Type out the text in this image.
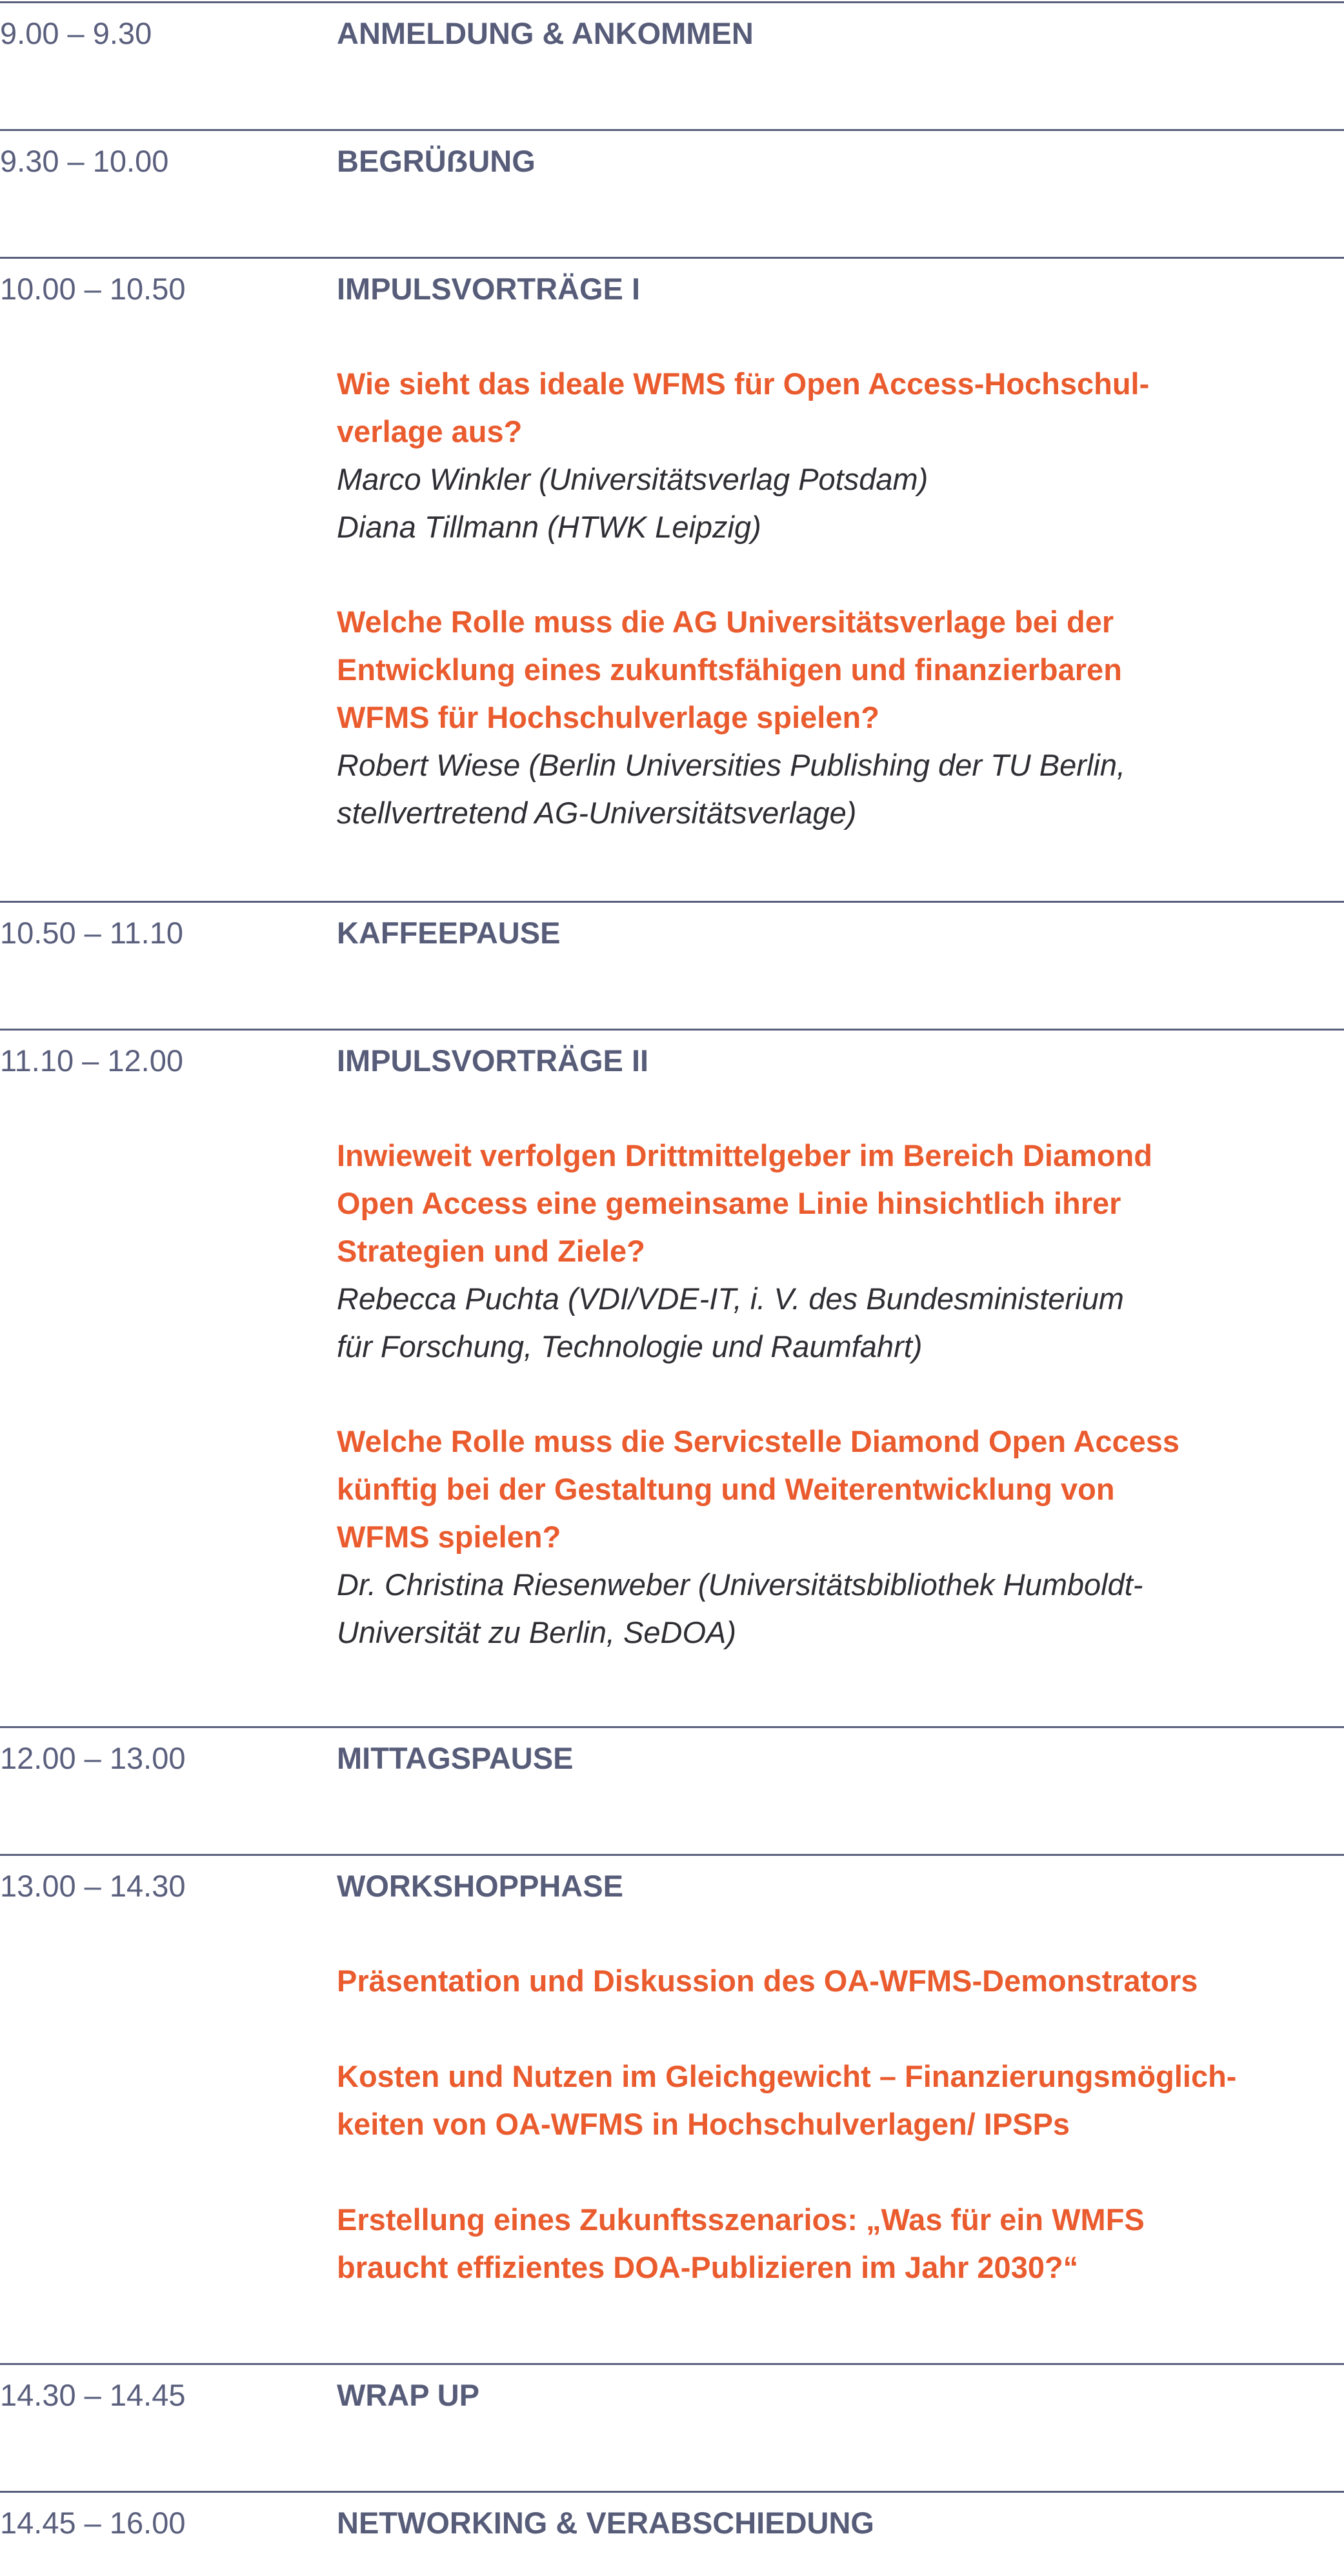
9.00 – 9.30	ANMELDUNG & ANKOMMEN
9.30 – 10.00	BEGRÜẞUNG
10.00 – 10.50	IMPULSVORTRÄGE I
Wie sieht das ideale WFMS für Open Access-Hochschul-
verlage aus?
Marco Winkler (Universitätsverlag Potsdam)
Diana Tillmann (HTWK Leipzig)
Welche Rolle muss die AG Universitätsverlage bei der
Entwicklung eines zukunftsfähigen und finanzierbaren
WFMS für Hochschulverlage spielen?
Robert Wiese (Berlin Universities Publishing der TU Berlin,
stellvertretend AG-Universitätsverlage)
10.50 – 11.10	KAFFEEPAUSE
11.10 – 12.00	IMPULSVORTRÄGE II
Inwieweit verfolgen Drittmittelgeber im Bereich Diamond
Open Access eine gemeinsame Linie hinsichtlich ihrer
Strategien und Ziele?
Rebecca Puchta (VDI/VDE-IT, i. V. des Bundesministerium
für Forschung, Technologie und Raumfahrt)
Welche Rolle muss die Servicstelle Diamond Open Access
künftig bei der Gestaltung und Weiterentwicklung von
WFMS spielen?
Dr. Christina Riesenweber (Universitätsbibliothek Humboldt-
Universität zu Berlin, SeDOA)
12.00 – 13.00	MITTAGSPAUSE
13.00 – 14.30	WORKSHOPPHASE
Präsentation und Diskussion des OA-WFMS-Demonstrators
Kosten und Nutzen im Gleichgewicht – Finanzierungsmöglich-
keiten von OA-WFMS in Hochschulverlagen/ IPSPs
Erstellung eines Zukunftsszenarios: „Was für ein WMFS
braucht effizientes DOA-Publizieren im Jahr 2030?“
14.30 – 14.45	WRAP UP
14.45 – 16.00	NETWORKING & VERABSCHIEDUNG
